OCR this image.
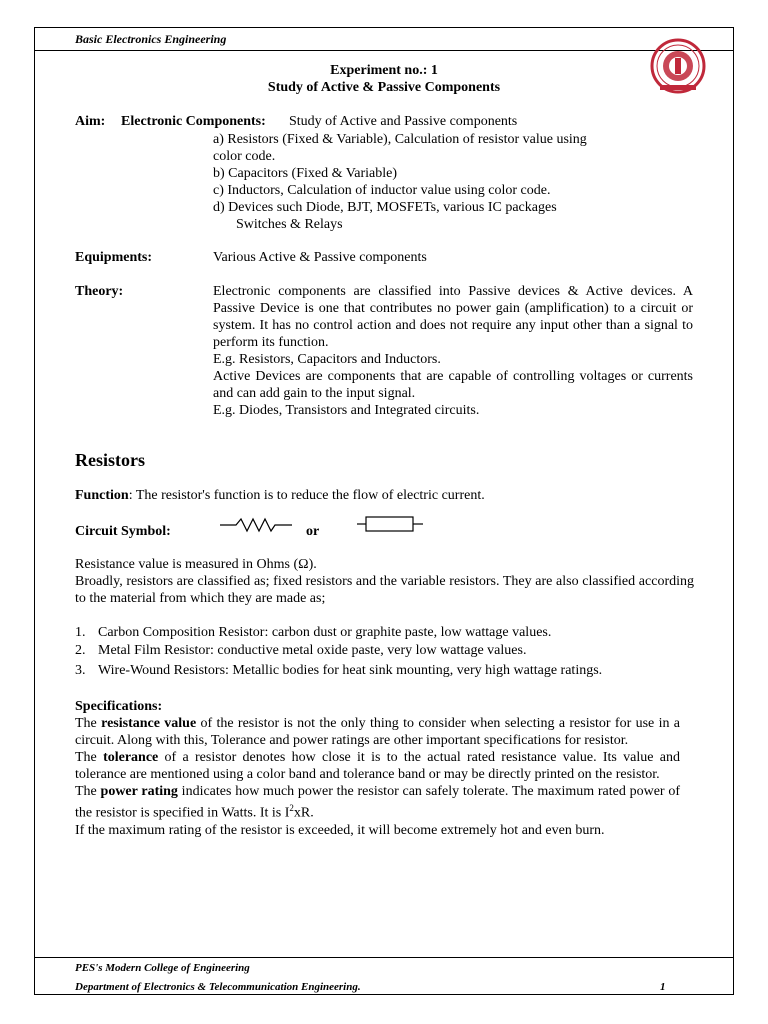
Basic Electronics Engineering
Experiment no.: 1
Study of Active & Passive Components
Aim: Electronic Components: Study of Active and Passive components
a) Resistors (Fixed & Variable), Calculation of resistor value using
color code.
b) Capacitors (Fixed & Variable)
c) Inductors, Calculation of inductor value using color code.
d) Devices such Diode, BJT, MOSFETs, various IC packages
Switches & Relays
Equipments:	Various Active & Passive components
Theory:	Electronic components are classified into Passive devices & Active devices. A Passive Device is one that contributes no power gain (amplification) to a circuit or system. It has no control action and does not require any input other than a signal to perform its function.
E.g. Resistors, Capacitors and Inductors.
Active Devices are components that are capable of controlling voltages or currents and can add gain to the input signal.
E.g. Diodes, Transistors and Integrated circuits.
Resistors
Function: The resistor's function is to reduce the flow of electric current.
Circuit Symbol:	or
Resistance value is measured in Ohms (Ω).
Broadly, resistors are classified as; fixed resistors and the variable resistors. They are also classified according to the material from which they are made as;
1. Carbon Composition Resistor: carbon dust or graphite paste, low wattage values.
2. Metal Film Resistor: conductive metal oxide paste, very low wattage values.
3. Wire-Wound Resistors: Metallic bodies for heat sink mounting, very high wattage ratings.
Specifications:
The resistance value of the resistor is not the only thing to consider when selecting a resistor for use in a circuit. Along with this, Tolerance and power ratings are other important specifications for resistor.
The tolerance of a resistor denotes how close it is to the actual rated resistance value. Its value and tolerance are mentioned using a color band and tolerance band or may be directly printed on the resistor.
The power rating indicates how much power the resistor can safely tolerate. The maximum rated power of the resistor is specified in Watts. It is $I^2xR$.
If the maximum rating of the resistor is exceeded, it will become extremely hot and even burn.
PES's Modern College of Engineering
Department of Electronics & Telecommunication Engineering.	1
